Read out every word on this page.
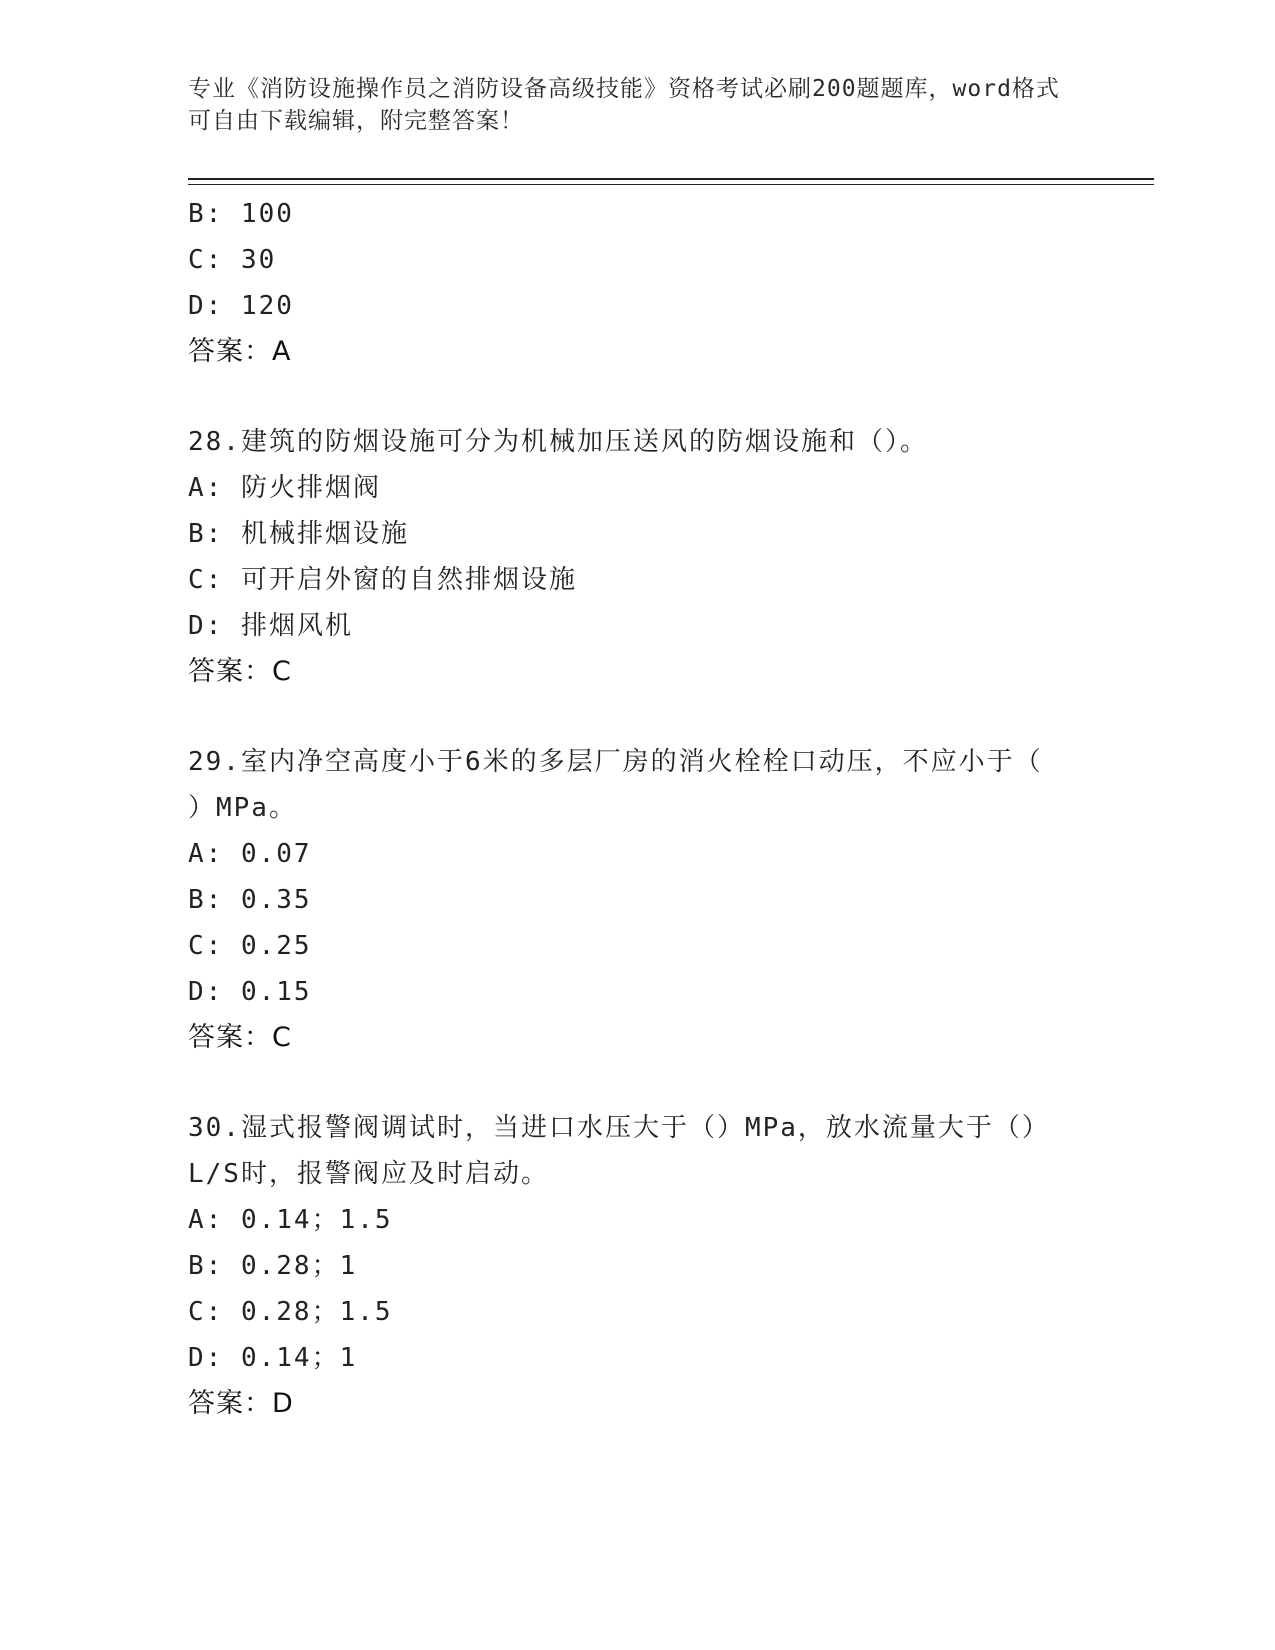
专业《消防设施操作员之消防设备高级技能》资格考试必刷200题题库，word格式可自由下载编辑，附完整答案！
B: 100
C: 30
D: 120
答案：A
28.建筑的防烟设施可分为机械加压送风的防烟设施和（）。
A: 防火排烟阀
B: 机械排烟设施
C: 可开启外窗的自然排烟设施
D: 排烟风机
答案：C
29.室内净空高度小于6米的多层厂房的消火栓栓口动压，不应小于（
）MPa。
A: 0.07
B: 0.35
C: 0.25
D: 0.15
答案：C
30.湿式报警阀调试时，当进口水压大于（）MPa，放水流量大于（）
L/S时，报警阀应及时启动。
A: 0.14；1.5
B: 0.28；1
C: 0.28；1.5
D: 0.14；1
答案：D
